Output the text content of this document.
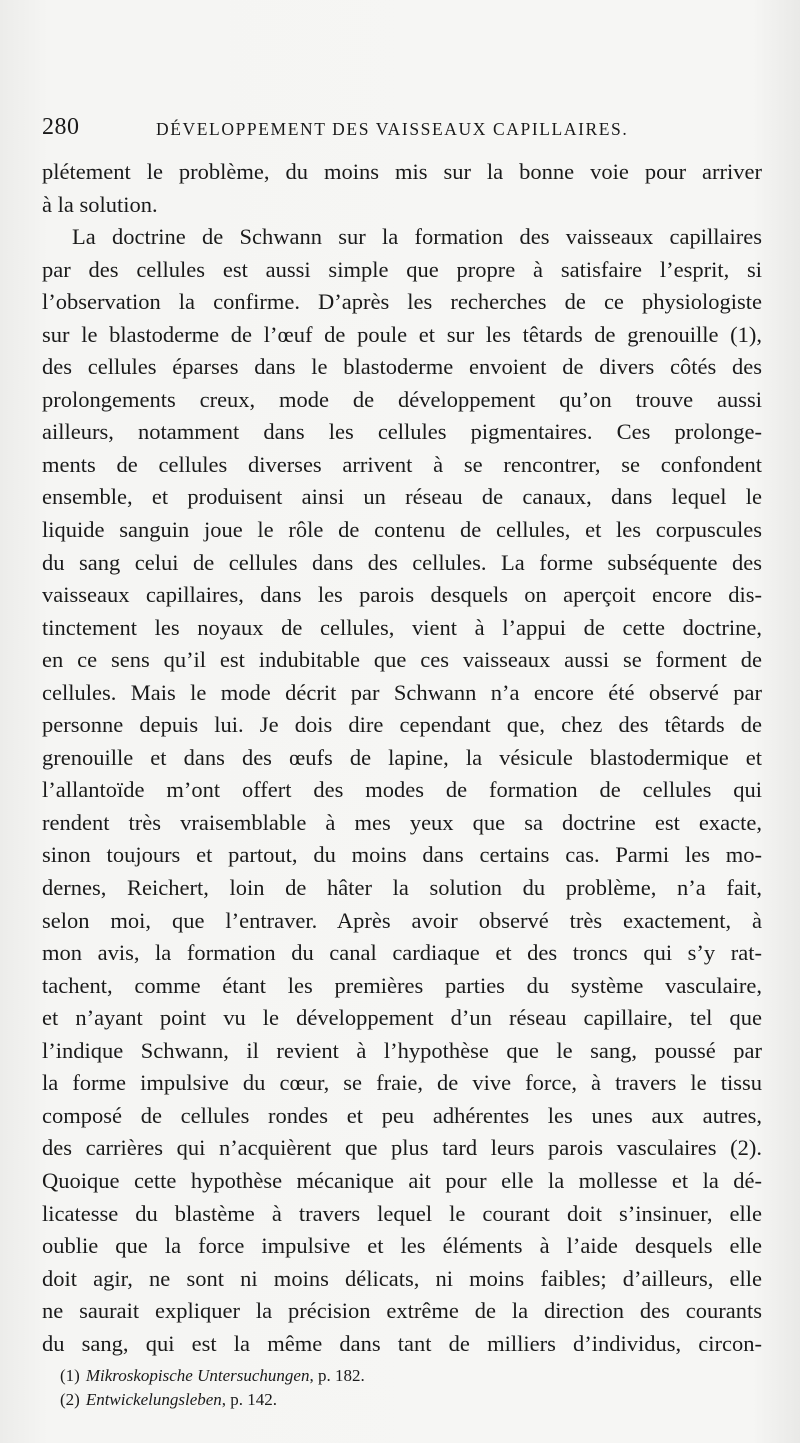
280	DÉVELOPPEMENT DES VAISSEAUX CAPILLAIRES.
plétement le problème, du moins mis sur la bonne voie pour arriver
à la solution.
La doctrine de Schwann sur la formation des vaisseaux capillaires
par des cellules est aussi simple que propre à satisfaire l’esprit, si
l’observation la confirme. D’après les recherches de ce physiologiste
sur le blastoderme de l’œuf de poule et sur les têtards de grenouille (1),
des cellules éparses dans le blastoderme envoient de divers côtés des
prolongements creux, mode de développement qu’on trouve aussi
ailleurs, notamment dans les cellules pigmentaires. Ces prolonge-
ments de cellules diverses arrivent à se rencontrer, se confondent
ensemble, et produisent ainsi un réseau de canaux, dans lequel le
liquide sanguin joue le rôle de contenu de cellules, et les corpuscules
du sang celui de cellules dans des cellules. La forme subséquente des
vaisseaux capillaires, dans les parois desquels on aperçoit encore dis-
tinctement les noyaux de cellules, vient à l’appui de cette doctrine,
en ce sens qu’il est indubitable que ces vaisseaux aussi se forment de
cellules. Mais le mode décrit par Schwann n’a encore été observé par
personne depuis lui. Je dois dire cependant que, chez des têtards de
grenouille et dans des œufs de lapine, la vésicule blastodermique et
l’allantoïde m’ont offert des modes de formation de cellules qui
rendent très vraisemblable à mes yeux que sa doctrine est exacte,
sinon toujours et partout, du moins dans certains cas. Parmi les mo-
dernes, Reichert, loin de hâter la solution du problème, n’a fait,
selon moi, que l’entraver. Après avoir observé très exactement, à
mon avis, la formation du canal cardiaque et des troncs qui s’y rat-
tachent, comme étant les premières parties du système vasculaire,
et n’ayant point vu le développement d’un réseau capillaire, tel que
l’indique Schwann, il revient à l’hypothèse que le sang, poussé par
la forme impulsive du cœur, se fraie, de vive force, à travers le tissu
composé de cellules rondes et peu adhérentes les unes aux autres,
des carrières qui n’acquièrent que plus tard leurs parois vasculaires (2).
Quoique cette hypothèse mécanique ait pour elle la mollesse et la dé-
licatesse du blastème à travers lequel le courant doit s’insinuer, elle
oublie que la force impulsive et les éléments à l’aide desquels elle
doit agir, ne sont ni moins délicats, ni moins faibles; d’ailleurs, elle
ne saurait expliquer la précision extrême de la direction des courants
du sang, qui est la même dans tant de milliers d’individus, circon-
(1) Mikroskopische Untersuchungen, p. 182.
(2) Entwickelungsleben, p. 142.
